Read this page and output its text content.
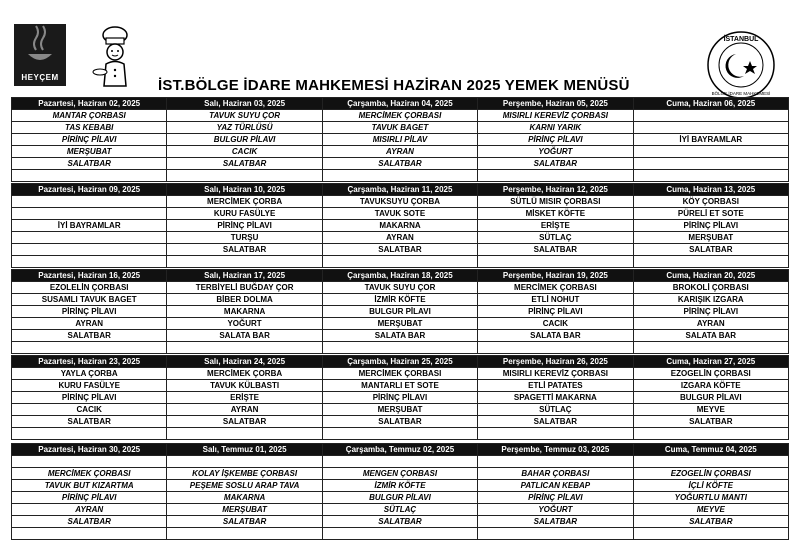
HEYÇEM
İSTANBUL
BÖLGE İDARE MAHKEMESİ
İST.BÖLGE İDARE MAHKEMESİ HAZİRAN 2025 YEMEK MENÜSÜ
Pazartesi, Haziran 02, 2025	Salı, Haziran 03, 2025	Çarşamba, Haziran 04, 2025	Perşembe, Haziran 05, 2025	Cuma, Haziran 06, 2025
MANTAR ÇORBASI	TAVUK SUYU ÇOR	MERCİMEK ÇORBASI	MISIRLI KEREVİZ ÇORBASI	
TAS KEBABI	YAZ TÜRLÜSÜ	TAVUK BAGET	KARNI YARIK	
PİRİNÇ PİLAVI	BULGUR PİLAVI	MISIRLI PİLAV	PİRİNÇ PİLAVI	İYİ BAYRAMLAR
MERŞUBAT	CACIK	AYRAN	YOĞURT	
SALATBAR	SALATBAR	SALATBAR	SALATBAR	

Pazartesi, Haziran 09, 2025	Salı, Haziran 10, 2025	Çarşamba, Haziran 11, 2025	Perşembe, Haziran 12, 2025	Cuma, Haziran 13, 2025
	MERCİMEK ÇORBA	TAVUKSUYU ÇORBA	SÜTLÜ MISIR ÇORBASI	KÖY ÇORBASI
	KURU FASÜLYE	TAVUK SOTE	MİSKET KÖFTE	PÜRELİ ET SOTE
İYİ BAYRAMLAR	PİRİNÇ PİLAVI	MAKARNA	ERİŞTE	PİRİNÇ PİLAVI
	TURŞU	AYRAN	SÜTLAÇ	MERŞUBAT
	SALATBAR	SALATBAR	SALATBAR	SALATBAR

Pazartesi, Haziran 16, 2025	Salı, Haziran 17, 2025	Çarşamba, Haziran 18, 2025	Perşembe, Haziran 19, 2025	Cuma, Haziran 20, 2025
EZOLELİN ÇORBASI	TERBİYELİ BUĞDAY ÇOR	TAVUK SUYU ÇOR	MERCİMEK ÇORBASI	BROKOLİ ÇORBASI
SUSAMLI TAVUK BAGET	BİBER DOLMA	İZMİR KÖFTE	ETLİ NOHUT	KARIŞIK IZGARA
PİRİNÇ PİLAVI	MAKARNA	BULGUR PİLAVI	PİRİNÇ PİLAVI	PİRİNÇ PİLAVI
AYRAN	YOĞURT	MERŞUBAT	CACIK	AYRAN
SALATBAR	SALATA BAR	SALATA BAR	SALATA BAR	SALATA BAR

Pazartesi, Haziran 23, 2025	Salı, Haziran 24, 2025	Çarşamba, Haziran 25, 2025	Perşembe, Haziran 26, 2025	Cuma, Haziran 27, 2025
YAYLA ÇORBA	MERCİMEK ÇORBA	MERCİMEK ÇORBASI	MISIRLI KEREVİZ ÇORBASI	EZOGELİN ÇORBASI
KURU FASÜLYE	TAVUK KÜLBASTI	MANTARLI ET SOTE	ETLİ PATATES	IZGARA KÖFTE
PİRİNÇ PİLAVI	ERİŞTE	PİRİNÇ PİLAVI	SPAGETTİ MAKARNA	BULGUR PİLAVI
CACIK	AYRAN	MERŞUBAT	SÜTLAÇ	MEYVE
SALATBAR	SALATBAR	SALATBAR	SALATBAR	SALATBAR

Pazartesi, Haziran 30, 2025	Salı, Temmuz 01, 2025	Çarşamba, Temmuz 02, 2025	Perşembe, Temmuz 03, 2025	Cuma, Temmuz 04, 2025

MERCİMEK ÇORBASI	KOLAY İŞKEMBE ÇORBASI	MENGEN ÇORBASI	BAHAR ÇORBASI	EZOGELİN ÇORBASI
TAVUK BUT KIZARTMA	PEŞEME SOSLU ARAP TAVA	İZMİR KÖFTE	PATLICAN KEBAP	İÇLİ KÖFTE
PİRİNÇ PİLAVI	MAKARNA	BULGUR PİLAVI	PİRİNÇ PİLAVI	YOĞURTLU MANTI
AYRAN	MERŞUBAT	SÜTLAÇ	YOĞURT	MEYVE
SALATBAR	SALATBAR	SALATBAR	SALATBAR	SALATBAR
